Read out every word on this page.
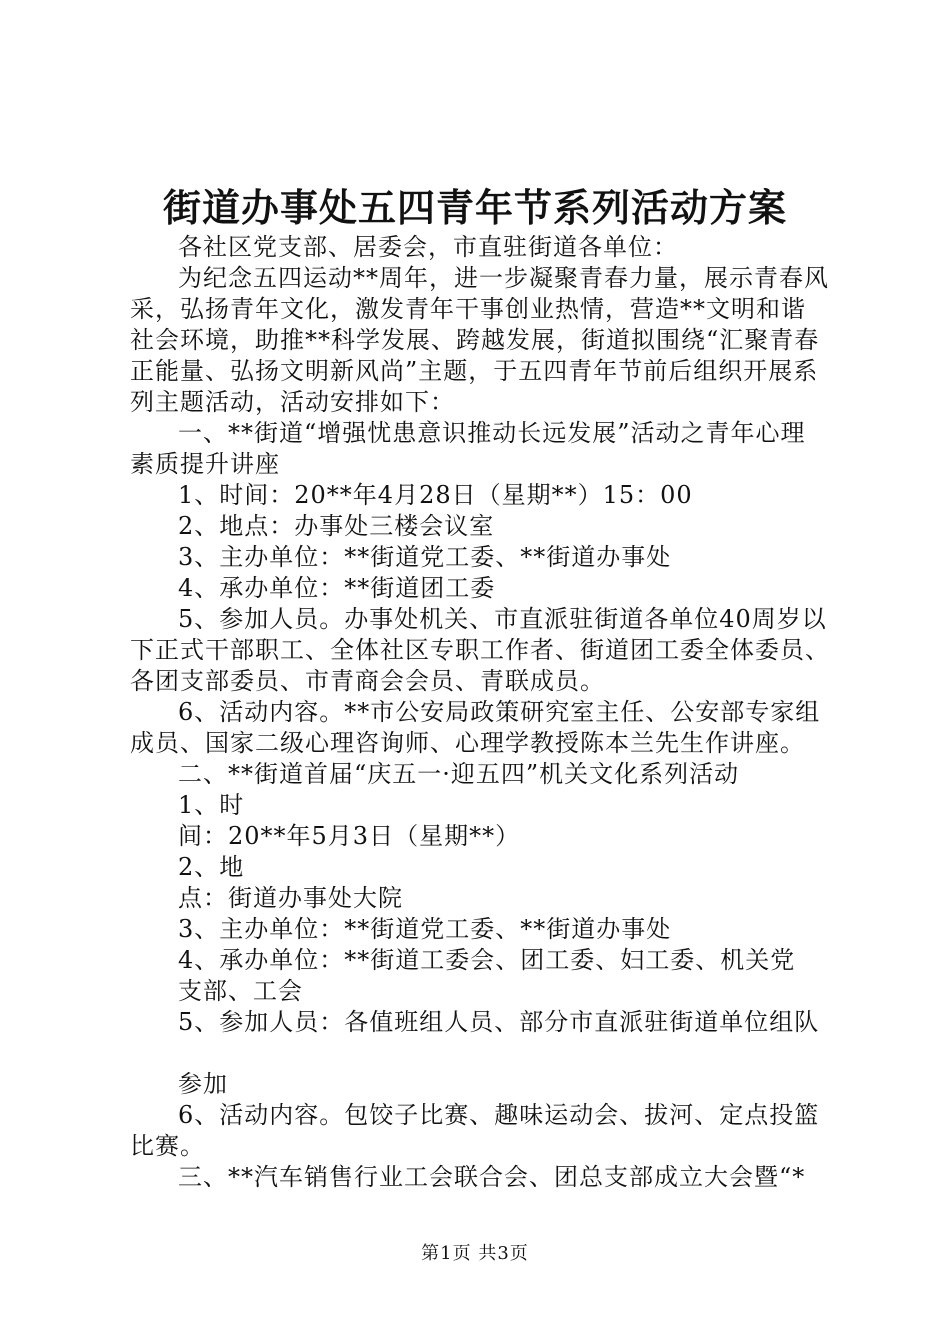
街道办事处五四青年节系列活动方案

各社区党支部、居委会，市直驻街道各单位：

为纪念五四运动**周年，进一步凝聚青春力量，展示青春风采，弘扬青年文化，激发青年干事创业热情，营造**文明和谐社会环境，助推**科学发展、跨越发展，街道拟围绕“汇聚青春正能量、弘扬文明新风尚”主题，于五四青年节前后组织开展系列主题活动，活动安排如下：

一、**街道“增强忧患意识推动长远发展”活动之青年心理素质提升讲座

1、时间：20**年4月28日（星期**）15：00

2、地点：办事处三楼会议室

3、主办单位：**街道党工委、**街道办事处

4、承办单位：**街道团工委

5、参加人员。办事处机关、市直派驻街道各单位40周岁以下正式干部职工、全体社区专职工作者、街道团工委全体委员、各团支部委员、市青商会会员、青联成员。

6、活动内容。**市公安局政策研究室主任、公安部专家组成员、国家二级心理咨询师、心理学教授陈本兰先生作讲座。

二、**街道首届“庆五一·迎五四”机关文化系列活动

1、时

间：20**年5月3日（星期**）

2、地

点：街道办事处大院

3、主办单位：**街道党工委、**街道办事处

4、承办单位：**街道工委会、团工委、妇工委、机关党

支部、工会

5、参加人员：各值班组人员、部分市直派驻街道单位组队

参加

6、活动内容。包饺子比赛、趣味运动会、拔河、定点投篮比赛。

三、**汽车销售行业工会联合会、团总支部成立大会暨“*

第1页 共3页
